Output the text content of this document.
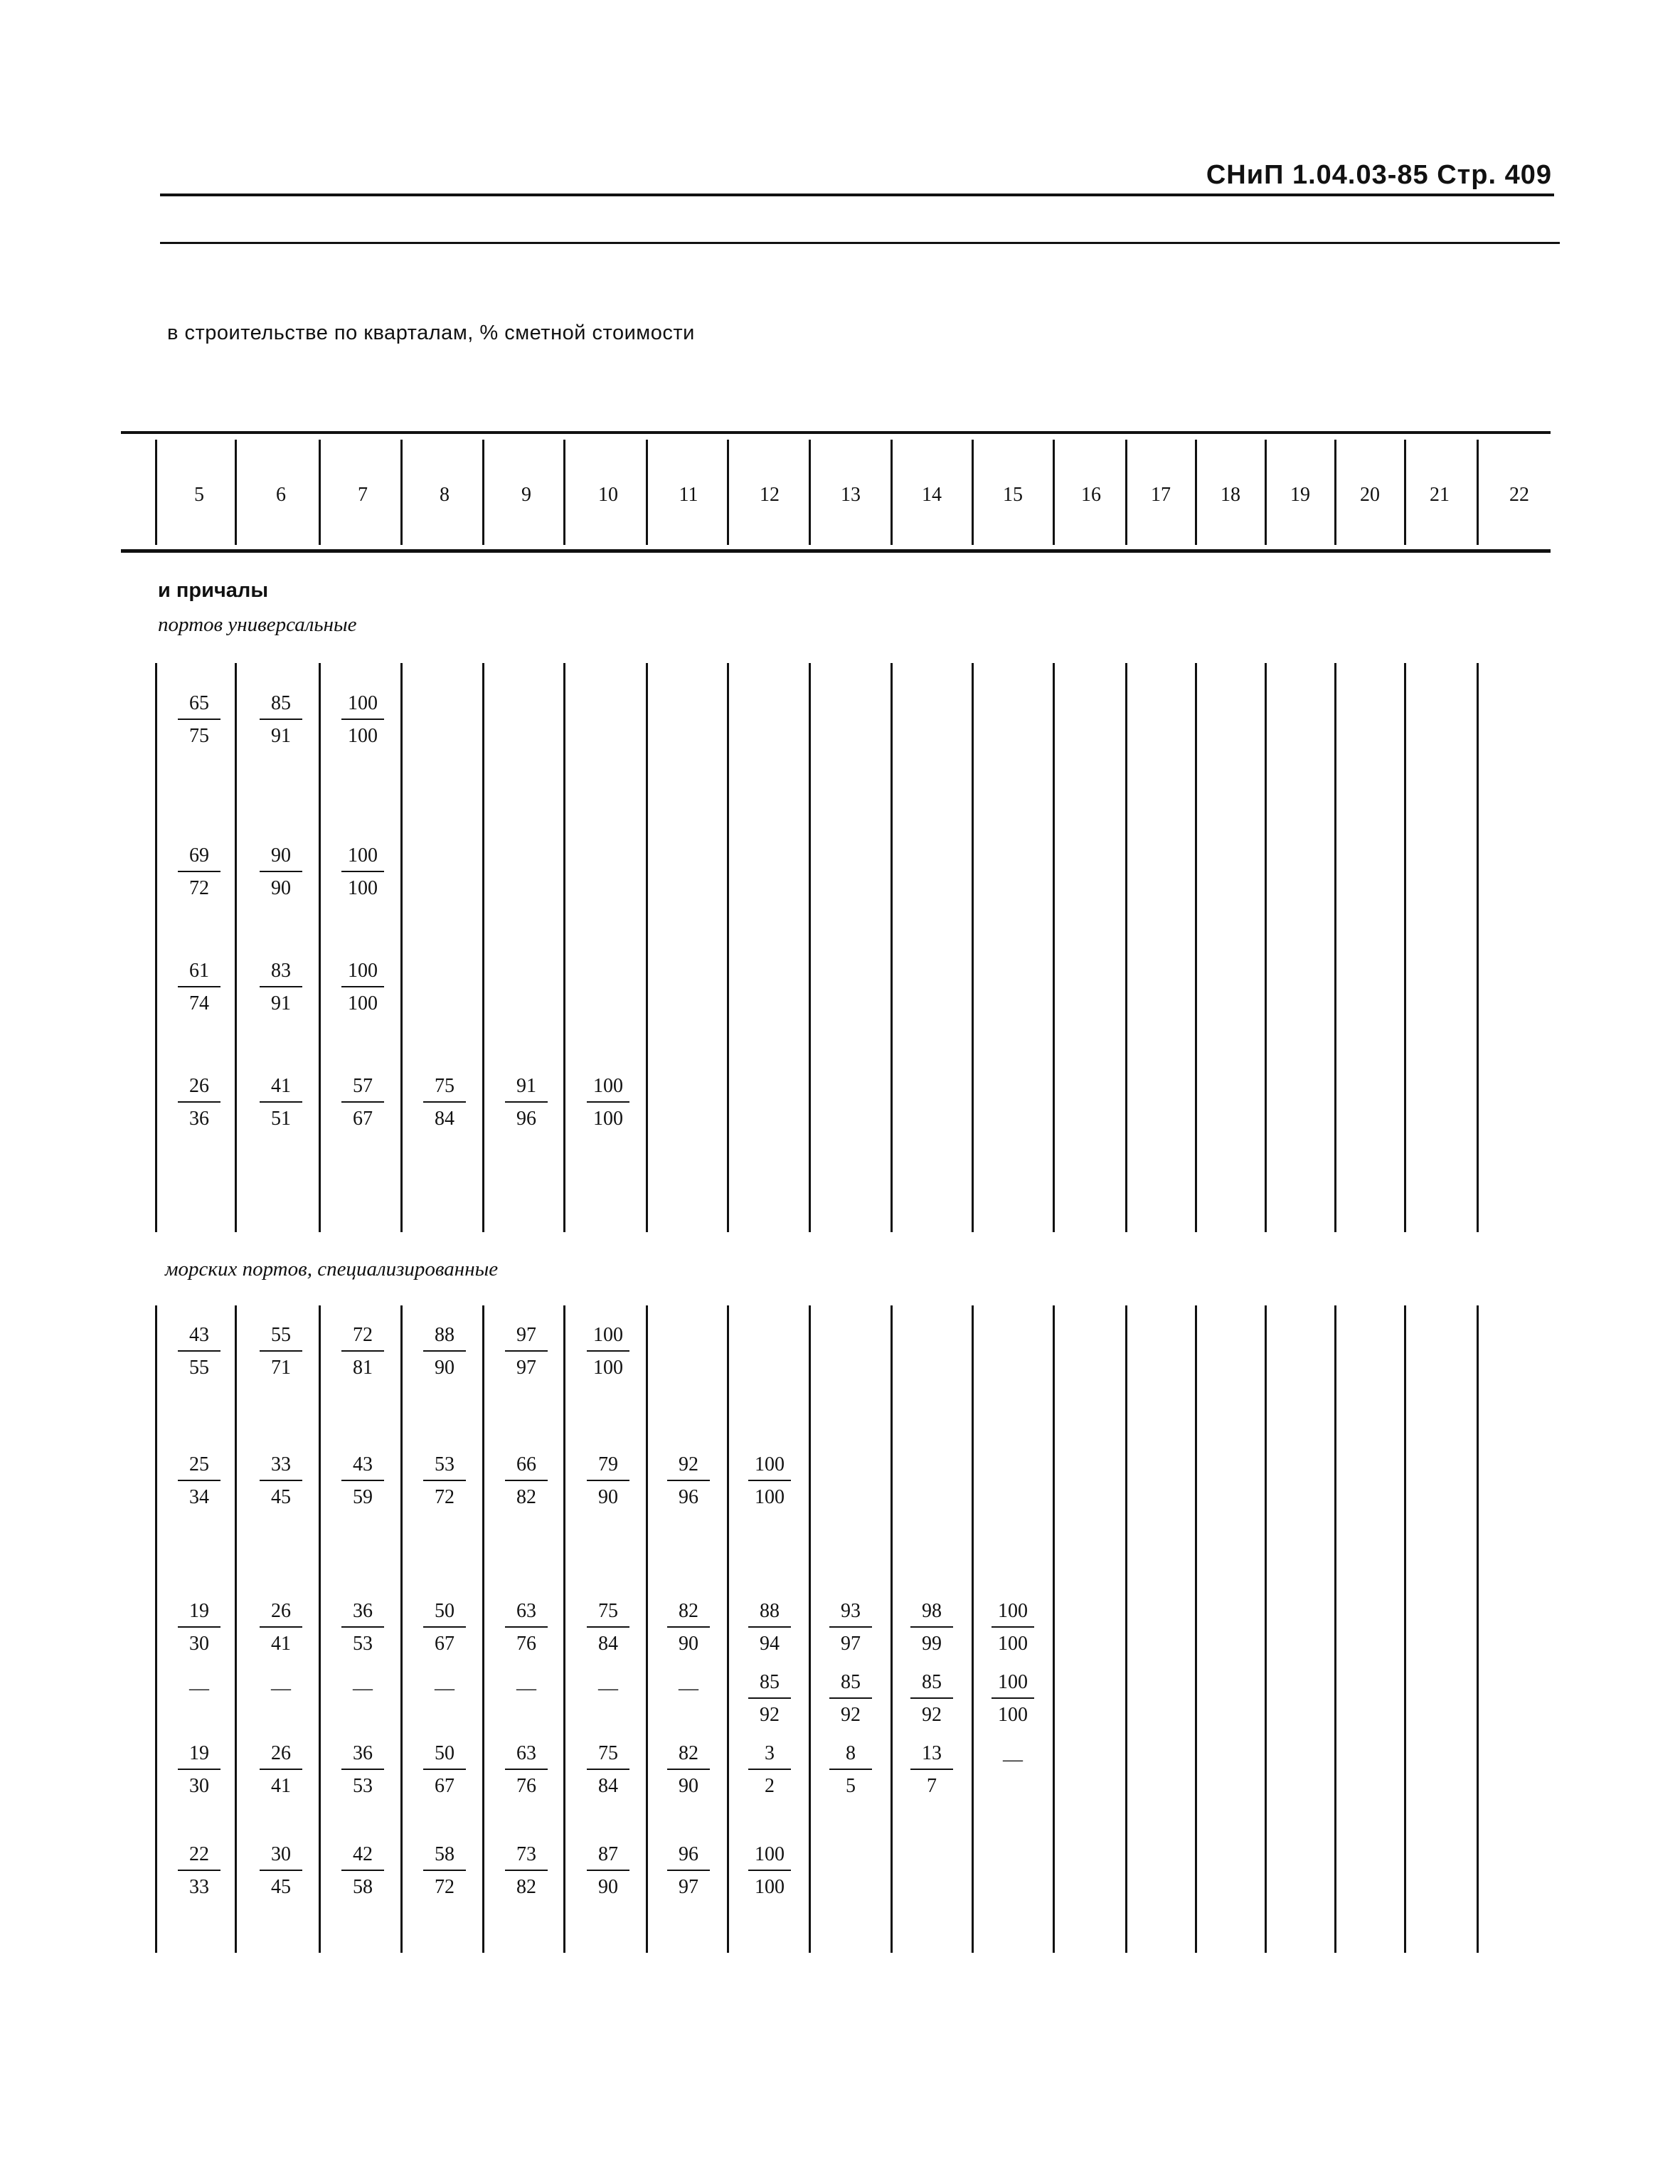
СНиП 1.04.03-85 Стр. 409
в строительстве по кварталам, % сметной стоимости
и причалы
портов универсальные
морских портов, специализированные
5	6	7	8	9	10	11	12	13	14	15	16	17	18	19	20	21	22
$\frac{65}{75} \frac{85}{91} \frac{100}{100}$
$\frac{69}{72} \frac{90}{90} \frac{100}{100}$
$\frac{61}{74} \frac{83}{91} \frac{100}{100}$
$\frac{26}{36} \frac{41}{51} \frac{57}{67} \frac{75}{84} \frac{91}{96} \frac{100}{100}$
$\frac{43}{55} \frac{55}{71} \frac{72}{81} \frac{88}{90} \frac{97}{97} \frac{100}{100}$
$\frac{25}{34} \frac{33}{45} \frac{43}{59} \frac{53}{72} \frac{66}{82} \frac{79}{90} \frac{92}{96} \frac{100}{100}$
$\frac{19}{30} \frac{26}{41} \frac{36}{53} \frac{50}{67} \frac{63}{76} \frac{75}{84} \frac{82}{90} \frac{88}{94} \frac{93}{97} \frac{98}{99} \frac{100}{100}$
—	—	—	—	—	—	— $\frac{85}{92} \frac{85}{92} \frac{85}{92} \frac{100}{100}$
$\frac{19}{30} \frac{26}{41} \frac{36}{53} \frac{50}{67} \frac{63}{76} \frac{75}{84} \frac{82}{90} \frac{3}{2} \frac{8}{5} \frac{13}{7}$ —
$\frac{22}{33} \frac{30}{45} \frac{42}{58} \frac{58}{72} \frac{73}{82} \frac{87}{90} \frac{96}{97} \frac{100}{100}$
